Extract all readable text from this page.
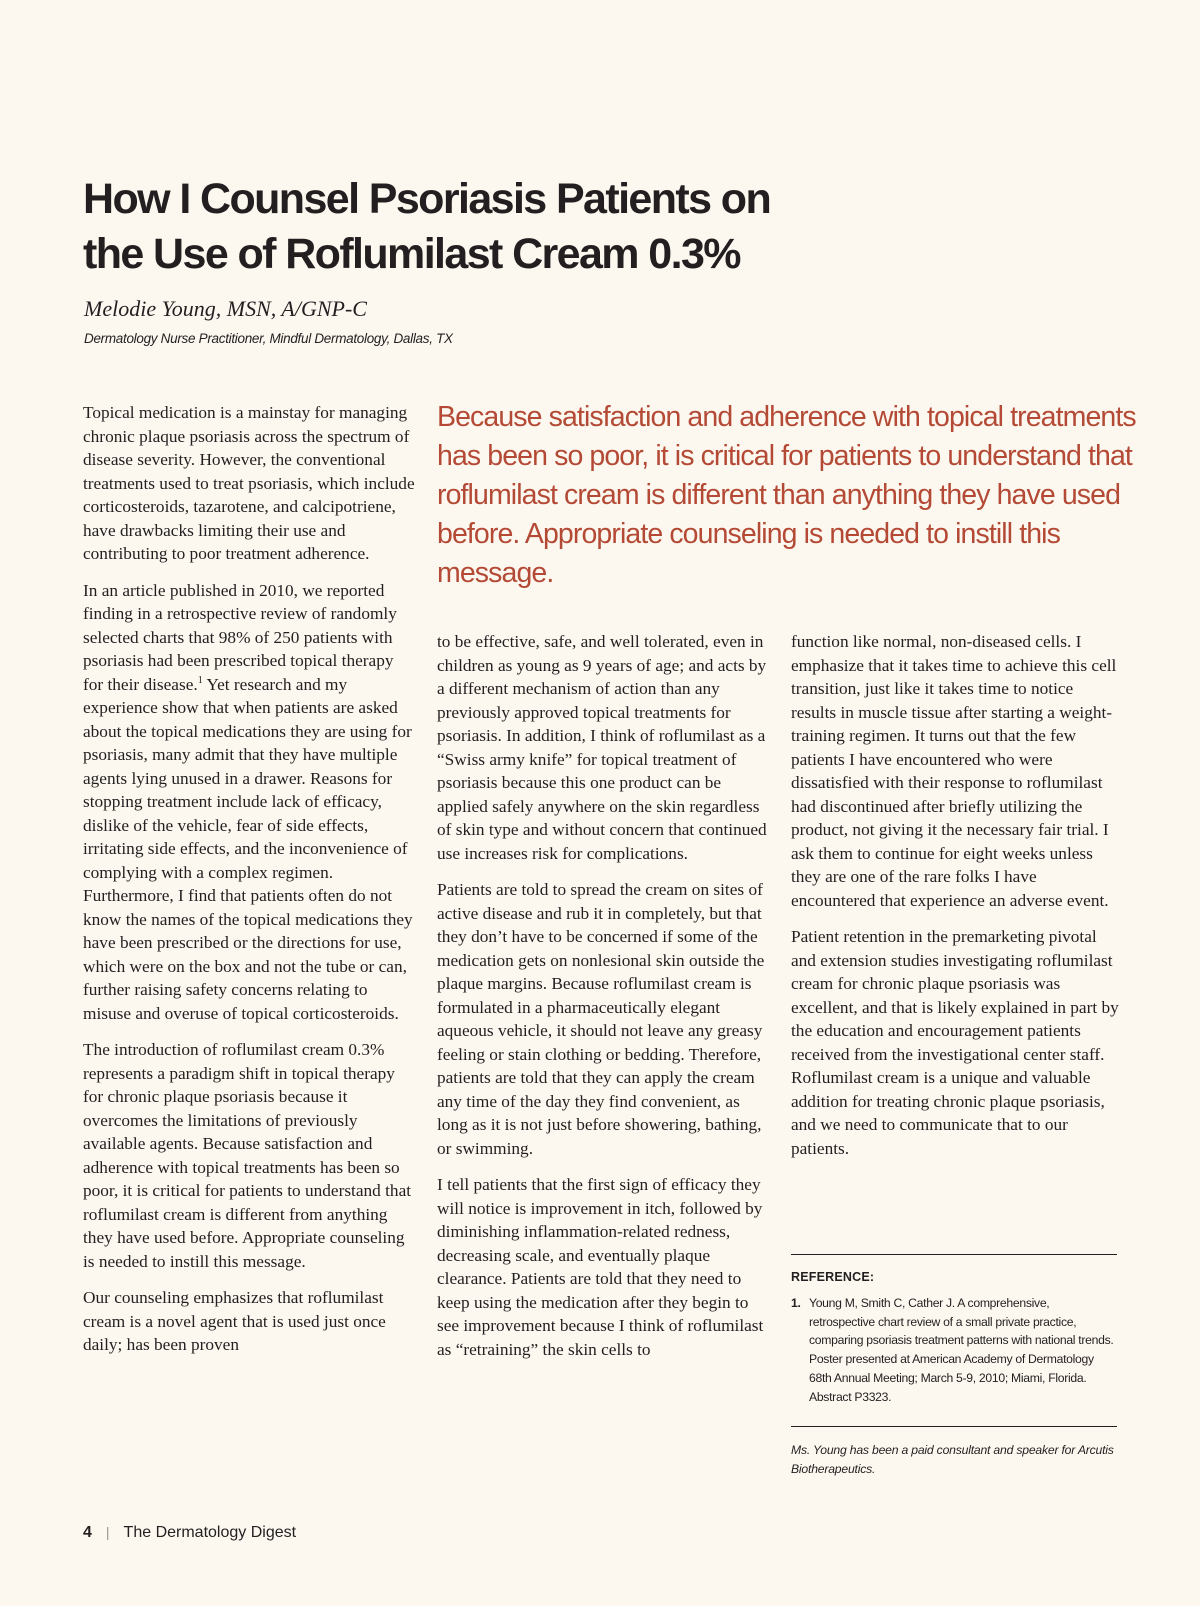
How I Counsel Psoriasis Patients on
the Use of Roflumilast Cream 0.3%
Melodie Young, MSN, A/GNP-C
Dermatology Nurse Practitioner, Mindful Dermatology, Dallas, TX

Topical medication is a mainstay for managing chronic plaque psoriasis across the spectrum of disease severity. However, the conventional treatments used to treat psoriasis, which include corticosteroids, tazarotene, and calcipotriene, have drawbacks limiting their use and contributing to poor treatment adherence.

In an article published in 2010, we reported finding in a retrospective review of randomly selected charts that 98% of 250 patients with psoriasis had been prescribed topical therapy for their disease.$^1$ Yet research and my experience show that when patients are asked about the topical medications they are using for psoriasis, many admit that they have multiple agents lying unused in a drawer. Reasons for stopping treatment include lack of efficacy, dislike of the vehicle, fear of side effects, irritating side effects, and the inconvenience of complying with a complex regimen. Furthermore, I find that patients often do not know the names of the topical medications they have been prescribed or the directions for use, which were on the box and not the tube or can, further raising safety concerns relating to misuse and overuse of topical corticosteroids.

The introduction of roflumilast cream 0.3% represents a paradigm shift in topical therapy for chronic plaque psoriasis because it overcomes the limitations of previously available agents. Because satisfaction and adherence with topical treatments has been so poor, it is critical for patients to understand that roflumilast cream is different from anything they have used before. Appropriate counseling is needed to instill this message.

Our counseling emphasizes that roflumilast cream is a novel agent that is used just once daily; has been proven

Because satisfaction and adherence with topical treatments has been so poor, it is critical for patients to understand that roflumilast cream is different than anything they have used before. Appropriate counseling is needed to instill this message.

to be effective, safe, and well tolerated, even in children as young as 9 years of age; and acts by a different mechanism of action than any previously approved topical treatments for psoriasis. In addition, I think of roflumilast as a “Swiss army knife” for topical treatment of psoriasis because this one product can be applied safely anywhere on the skin regardless of skin type and without concern that continued use increases risk for complications.

Patients are told to spread the cream on sites of active disease and rub it in completely, but that they don’t have to be concerned if some of the medication gets on nonlesional skin outside the plaque margins. Because roflumilast cream is formulated in a pharmaceutically elegant aqueous vehicle, it should not leave any greasy feeling or stain clothing or bedding. Therefore, patients are told that they can apply the cream any time of the day they find convenient, as long as it is not just before showering, bathing, or swimming.

I tell patients that the first sign of efficacy they will notice is improvement in itch, followed by diminishing inflammation-related redness, decreasing scale, and eventually plaque clearance. Patients are told that they need to keep using the medication after they begin to see improvement because I think of roflumilast as “retraining” the skin cells to

function like normal, non-diseased cells. I emphasize that it takes time to achieve this cell transition, just like it takes time to notice results in muscle tissue after starting a weight-training regimen. It turns out that the few patients I have encountered who were dissatisfied with their response to roflumilast had discontinued after briefly utilizing the product, not giving it the necessary fair trial. I ask them to continue for eight weeks unless they are one of the rare folks I have encountered that experience an adverse event.

Patient retention in the premarketing pivotal and extension studies investigating roflumilast cream for chronic plaque psoriasis was excellent, and that is likely explained in part by the education and encouragement patients received from the investigational center staff. Roflumilast cream is a unique and valuable addition for treating chronic plaque psoriasis, and we need to communicate that to our patients.

REFERENCE:
1. Young M, Smith C, Cather J. A comprehensive, retrospective chart review of a small private practice, comparing psoriasis treatment patterns with national trends. Poster presented at American Academy of Dermatology 68th Annual Meeting; March 5-9, 2010; Miami, Florida. Abstract P3323.
Ms. Young has been a paid consultant and speaker for Arcutis Biotherapeutics.
4 | The Dermatology Digest
